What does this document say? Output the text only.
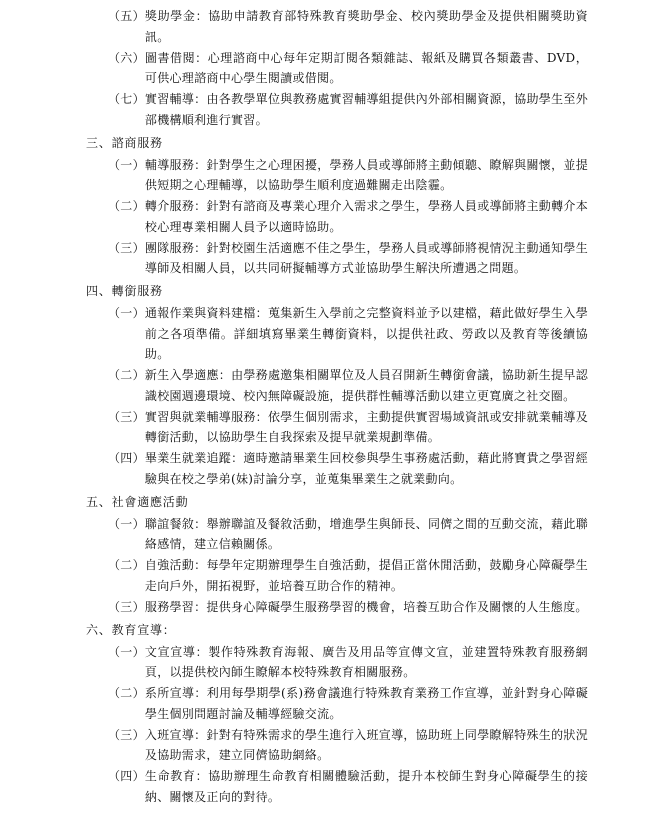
（五） 獎助學金：協助申請教育部特殊教育獎助學金、校內獎助學金及提供相關獎助資訊。
（六） 圖書借閱：心理諮商中心每年定期訂閱各類雜誌、報紙及購買各類叢書、DVD，可供心理諮商中心學生閱讀或借閱。
（七） 實習輔導：由各教學單位與教務處實習輔導組提供內外部相關資源，協助學生至外部機構順利進行實習。
三、諮商服務
（一） 輔導服務：針對學生之心理困擾，學務人員或導師將主動傾聽、瞭解與關懷，並提供短期之心理輔導，以協助學生順利度過難關走出陰霾。
（二） 轉介服務：針對有諮商及專業心理介入需求之學生，學務人員或導師將主動轉介本校心理專業相關人員予以適時協助。
（三） 團隊服務：針對校園生活適應不佳之學生，學務人員或導師將視情況主動通知學生導師及相關人員，以共同研擬輔導方式並協助學生解決所遭遇之問題。
四、轉銜服務
（一） 通報作業與資料建檔：蒐集新生入學前之完整資料並予以建檔，藉此做好學生入學前之各項準備。詳細填寫畢業生轉銜資料，以提供社政、勞政以及教育等後續協助。
（二） 新生入學適應：由學務處邀集相關單位及人員召開新生轉銜會議，協助新生提早認識校園週邊環境、校內無障礙設施，提供群性輔導活動以建立更寬廣之社交圈。
（三） 實習與就業輔導服務：依學生個別需求，主動提供實習場域資訊或安排就業輔導及轉銜活動，以協助學生自我探索及提早就業規劃準備。
（四） 畢業生就業追蹤：適時邀請畢業生回校參與學生事務處活動，藉此將寶貴之學習經驗與在校之學弟(妹)討論分享，並蒐集畢業生之就業動向。
五、社會適應活動
（一） 聯誼餐敘：舉辦聯誼及餐敘活動，增進學生與師長、同儕之間的互動交流，藉此聯絡感情，建立信賴關係。
（二） 自強活動：每學年定期辦理學生自強活動，提倡正當休閒活動，鼓勵身心障礙學生走向戶外，開拓視野，並培養互助合作的精神。
（三） 服務學習：提供身心障礙學生服務學習的機會，培養互助合作及關懷的人生態度。
六、教育宣導：
（一） 文宣宣導：製作特殊教育海報、廣告及用品等宣傳文宣，並建置特殊教育服務網頁，以提供校內師生瞭解本校特殊教育相關服務。
（二） 系所宣導：利用每學期學(系)務會議進行特殊教育業務工作宣導，並針對身心障礙學生個別問題討論及輔導經驗交流。
（三） 入班宣導：針對有特殊需求的學生進行入班宣導，協助班上同學瞭解特殊生的狀況及協助需求，建立同儕協助網絡。
（四） 生命教育：協助辦理生命教育相關體驗活動，提升本校師生對身心障礙學生的接納、關懷及正向的對待。
